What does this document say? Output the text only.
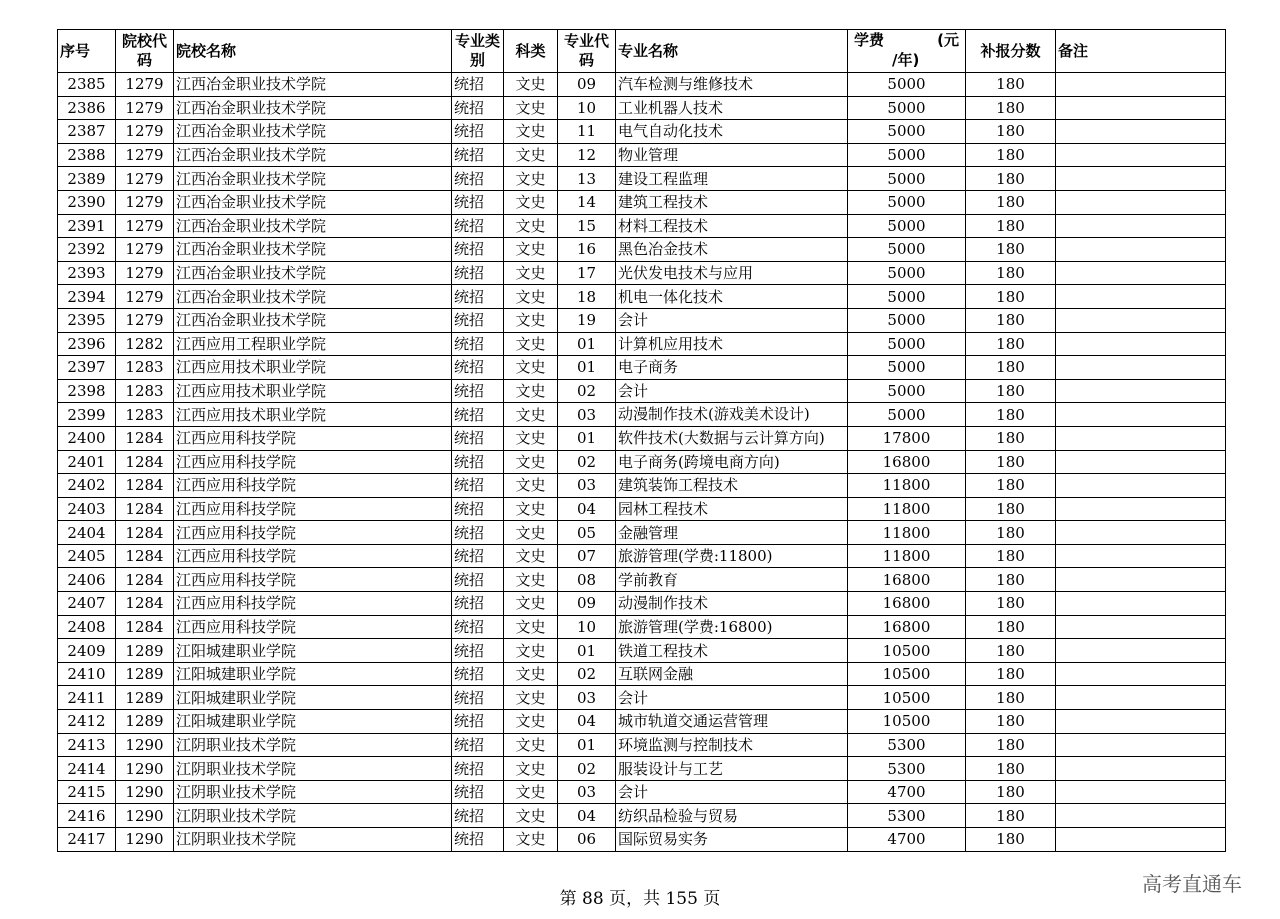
序号	院校代码	院校名称	专业类别	科类	专业代码	专业名称	学费 (元
/年)	补报分数	备注
2385	1279	江西冶金职业技术学院	统招	文史	09	汽车检测与维修技术	5000	180	
2386	1279	江西冶金职业技术学院	统招	文史	10	工业机器人技术	5000	180	
2387	1279	江西冶金职业技术学院	统招	文史	11	电气自动化技术	5000	180	
2388	1279	江西冶金职业技术学院	统招	文史	12	物业管理	5000	180	
2389	1279	江西冶金职业技术学院	统招	文史	13	建设工程监理	5000	180	
2390	1279	江西冶金职业技术学院	统招	文史	14	建筑工程技术	5000	180	
2391	1279	江西冶金职业技术学院	统招	文史	15	材料工程技术	5000	180	
2392	1279	江西冶金职业技术学院	统招	文史	16	黑色冶金技术	5000	180	
2393	1279	江西冶金职业技术学院	统招	文史	17	光伏发电技术与应用	5000	180	
2394	1279	江西冶金职业技术学院	统招	文史	18	机电一体化技术	5000	180	
2395	1279	江西冶金职业技术学院	统招	文史	19	会计	5000	180	
2396	1282	江西应用工程职业学院	统招	文史	01	计算机应用技术	5000	180	
2397	1283	江西应用技术职业学院	统招	文史	01	电子商务	5000	180	
2398	1283	江西应用技术职业学院	统招	文史	02	会计	5000	180	
2399	1283	江西应用技术职业学院	统招	文史	03	动漫制作技术(游戏美术设计)	5000	180	
2400	1284	江西应用科技学院	统招	文史	01	软件技术(大数据与云计算方向)	17800	180	
2401	1284	江西应用科技学院	统招	文史	02	电子商务(跨境电商方向)	16800	180	
2402	1284	江西应用科技学院	统招	文史	03	建筑装饰工程技术	11800	180	
2403	1284	江西应用科技学院	统招	文史	04	园林工程技术	11800	180	
2404	1284	江西应用科技学院	统招	文史	05	金融管理	11800	180	
2405	1284	江西应用科技学院	统招	文史	07	旅游管理(学费:11800)	11800	180	
2406	1284	江西应用科技学院	统招	文史	08	学前教育	16800	180	
2407	1284	江西应用科技学院	统招	文史	09	动漫制作技术	16800	180	
2408	1284	江西应用科技学院	统招	文史	10	旅游管理(学费:16800)	16800	180	
2409	1289	江阳城建职业学院	统招	文史	01	铁道工程技术	10500	180	
2410	1289	江阳城建职业学院	统招	文史	02	互联网金融	10500	180	
2411	1289	江阳城建职业学院	统招	文史	03	会计	10500	180	
2412	1289	江阳城建职业学院	统招	文史	04	城市轨道交通运营管理	10500	180	
2413	1290	江阴职业技术学院	统招	文史	01	环境监测与控制技术	5300	180	
2414	1290	江阴职业技术学院	统招	文史	02	服装设计与工艺	5300	180	
2415	1290	江阴职业技术学院	统招	文史	03	会计	4700	180	
2416	1290	江阴职业技术学院	统招	文史	04	纺织品检验与贸易	5300	180	
2417	1290	江阴职业技术学院	统招	文史	06	国际贸易实务	4700	180	
第 88 页，共 155 页
高考直通车
